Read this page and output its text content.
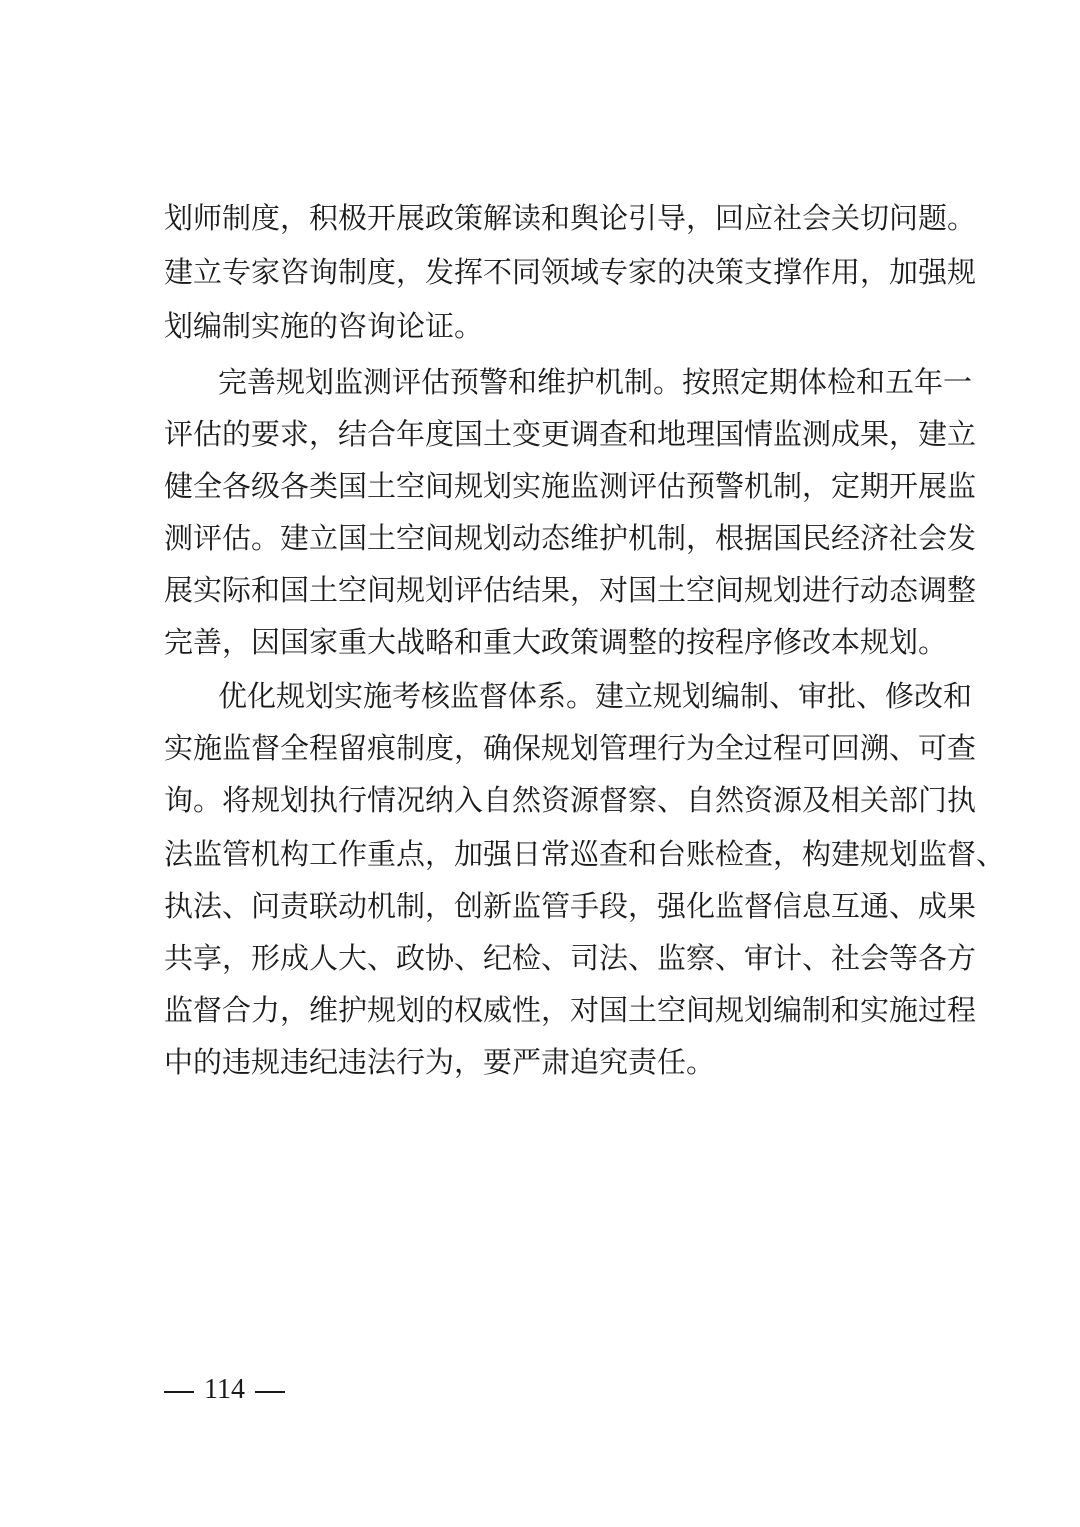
划师制度，积极开展政策解读和舆论引导，回应社会关切问题。
建立专家咨询制度，发挥不同领域专家的决策支撑作用，加强规
划编制实施的咨询论证。
完善规划监测评估预警和维护机制。按照定期体检和五年一
评估的要求，结合年度国土变更调查和地理国情监测成果，建立
健全各级各类国土空间规划实施监测评估预警机制，定期开展监
测评估。建立国土空间规划动态维护机制，根据国民经济社会发
展实际和国土空间规划评估结果，对国土空间规划进行动态调整
完善，因国家重大战略和重大政策调整的按程序修改本规划。
优化规划实施考核监督体系。建立规划编制、审批、修改和
实施监督全程留痕制度，确保规划管理行为全过程可回溯、可查
询。将规划执行情况纳入自然资源督察、自然资源及相关部门执
法监管机构工作重点，加强日常巡查和台账检查，构建规划监督、
执法、问责联动机制，创新监管手段，强化监督信息互通、成果
共享，形成人大、政协、纪检、司法、监察、审计、社会等各方
监督合力，维护规划的权威性，对国土空间规划编制和实施过程
中的违规违纪违法行为，要严肃追究责任。
114
